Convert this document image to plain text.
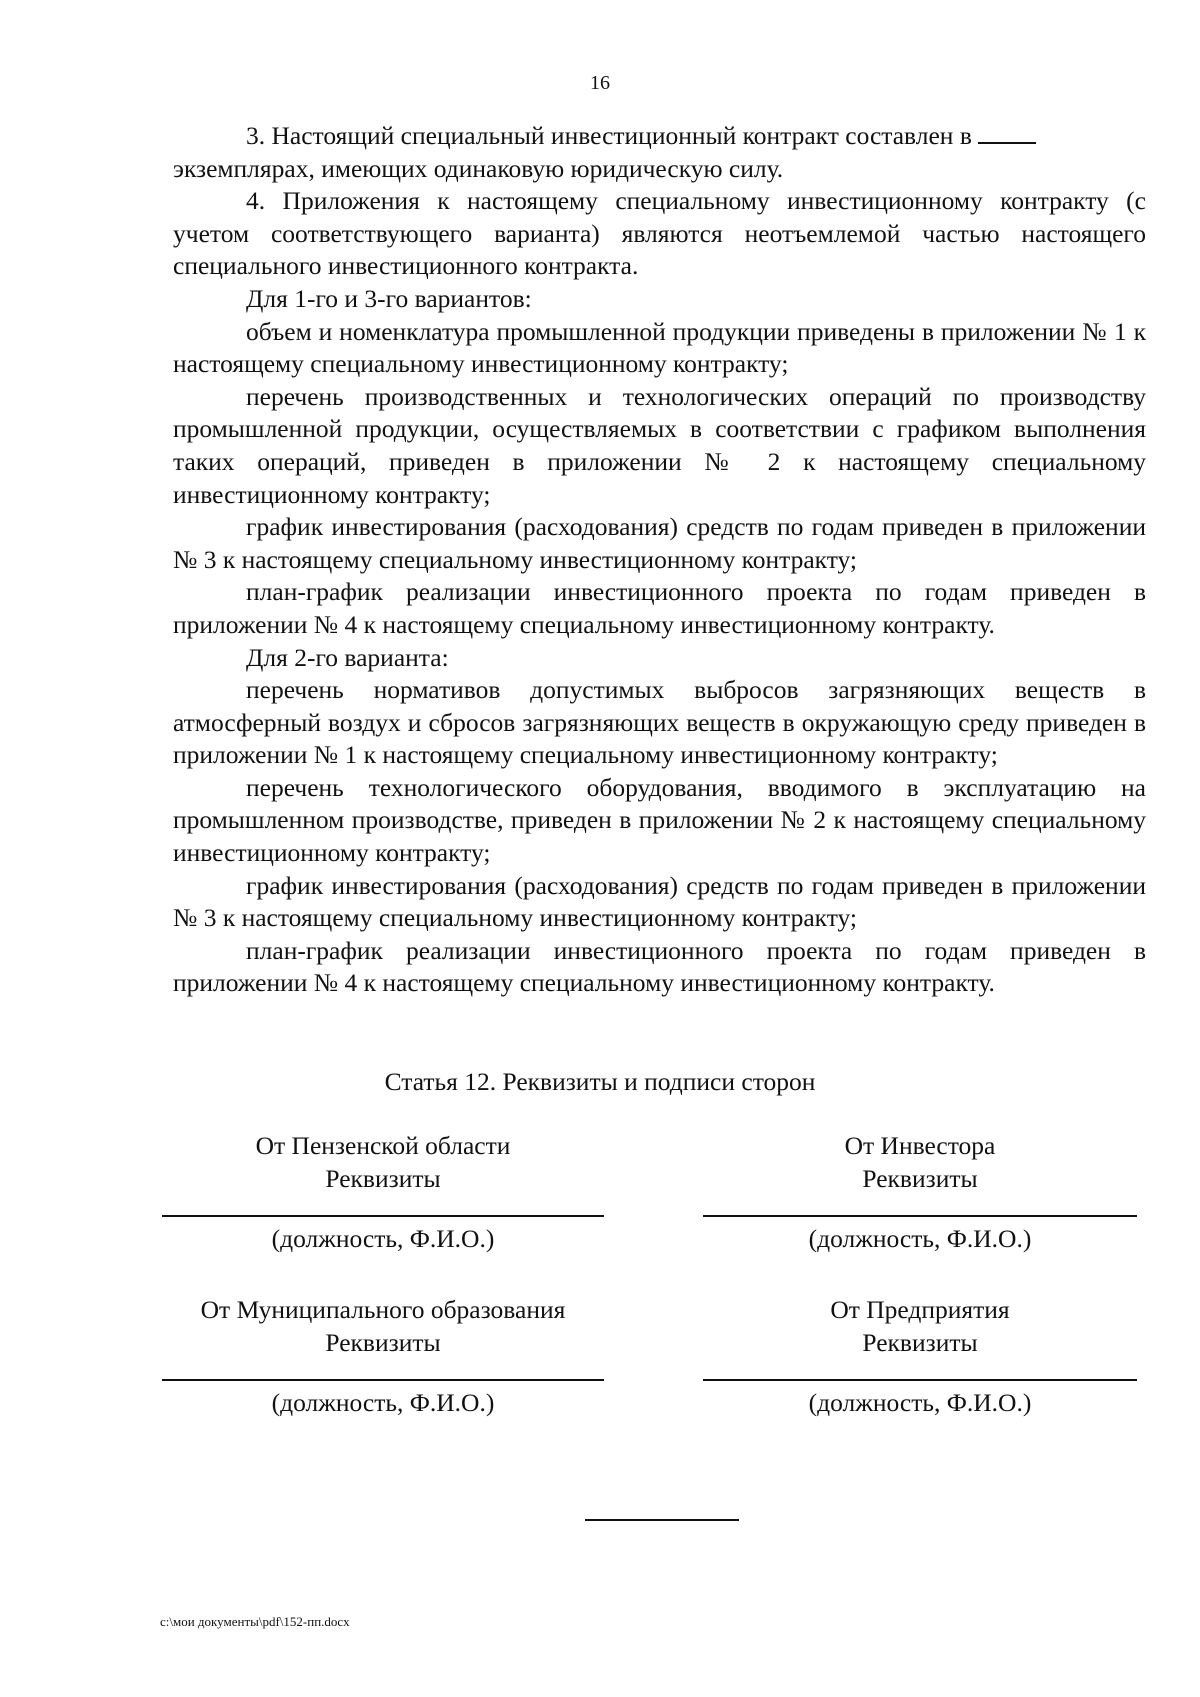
16

3. Настоящий специальный инвестиционный контракт составлен в

экземплярах, имеющих одинаковую юридическую силу.

4. Приложения к настоящему специальному инвестиционному контракту (с учетом соответствующего варианта) являются неотъемлемой частью настоящего специального инвестиционного контракта.

Для 1-го и 3-го вариантов:

объем и номенклатура промышленной продукции приведены в приложении № 1 к настоящему специальному инвестиционному контракту;

перечень производственных и технологических операций по производству промышленной продукции, осуществляемых в соответствии с графиком выполнения таких операций, приведен в приложении № 2 к настоящему специальному инвестиционному контракту;

график инвестирования (расходования) средств по годам приведен в приложении № 3 к настоящему специальному инвестиционному контракту;

план-график реализации инвестиционного проекта по годам приведен в приложении № 4 к настоящему специальному инвестиционному контракту.

Для 2-го варианта:

перечень нормативов допустимых выбросов загрязняющих веществ в атмосферный воздух и сбросов загрязняющих веществ в окружающую среду приведен в приложении № 1 к настоящему специальному инвестиционному контракту;

перечень технологического оборудования, вводимого в эксплуатацию на промышленном производстве, приведен в приложении № 2 к настоящему специальному инвестиционному контракту;

график инвестирования (расходования) средств по годам приведен в приложении № 3 к настоящему специальному инвестиционному контракту;

план-график реализации инвестиционного проекта по годам приведен в приложении № 4 к настоящему специальному инвестиционному контракту.

Статья 12. Реквизиты и подписи сторон
От Пензенской области
Реквизиты
(должность, Ф.И.О.)
От Инвестора
Реквизиты
(должность, Ф.И.О.)
От Муниципального образования
Реквизиты
(должность, Ф.И.О.)
От Предприятия
Реквизиты
(должность, Ф.И.О.)
c:\мои документы\pdf\152-пп.docx
